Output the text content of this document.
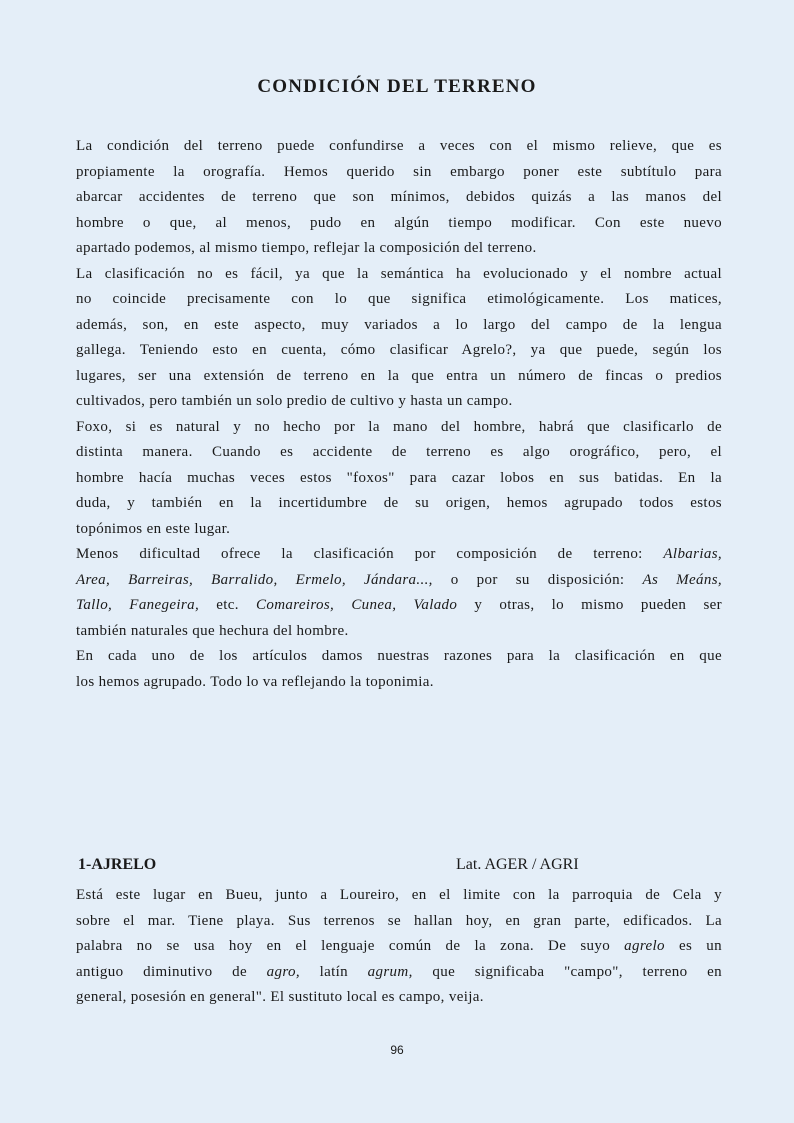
CONDICIÓN DEL TERRENO
La condición del terreno puede confundirse a veces con el mismo relieve, que es
propiamente la orografía. Hemos querido sin embargo poner este subtítulo para
abarcar accidentes de terreno que son mínimos, debidos quizás a las manos del
hombre o que, al menos, pudo en algún tiempo modificar. Con este nuevo
apartado podemos, al mismo tiempo, reflejar la composición del terreno.
La clasificación no es fácil, ya que la semántica ha evolucionado y el nombre actual
no coincide precisamente con lo que significa etimológicamente. Los matices,
además, son, en este aspecto, muy variados a lo largo del campo de la lengua
gallega. Teniendo esto en cuenta, cómo clasificar Agrelo?, ya que puede, según los
lugares, ser una extensión de terreno en la que entra un número de fincas o predios
cultivados, pero también un solo predio de cultivo y hasta un campo.
Foxo, si es natural y no hecho por la mano del hombre, habrá que clasificarlo de
distinta manera. Cuando es accidente de terreno es algo orográfico, pero, el
hombre hacía muchas veces estos "foxos" para cazar lobos en sus batidas. En la
duda, y también en la incertidumbre de su origen, hemos agrupado todos estos
topónimos en este lugar.
Menos dificultad ofrece la clasificación por composición de terreno: Albarias,
Area, Barreiras, Barralido, Ermelo, Jándara..., o por su disposición: As Meáns,
Tallo, Fanegeira, etc. Comareiros, Cunea, Valado y otras, lo mismo pueden ser
también naturales que hechura del hombre.
En cada uno de los artículos damos nuestras razones para la clasificación en que
los hemos agrupado. Todo lo va reflejando la toponimia.
1-AJRELO	Lat. AGER / AGRI
Está este lugar en Bueu, junto a Loureiro, en el limite con la parroquia de Cela y
sobre el mar. Tiene playa. Sus terrenos se hallan hoy, en gran parte, edificados. La
palabra no se usa hoy en el lenguaje común de la zona. De suyo agrelo es un
antiguo diminutivo de agro, latín agrum, que significaba "campo", terreno en
general, posesión en general". El sustituto local es campo, veija.
96
